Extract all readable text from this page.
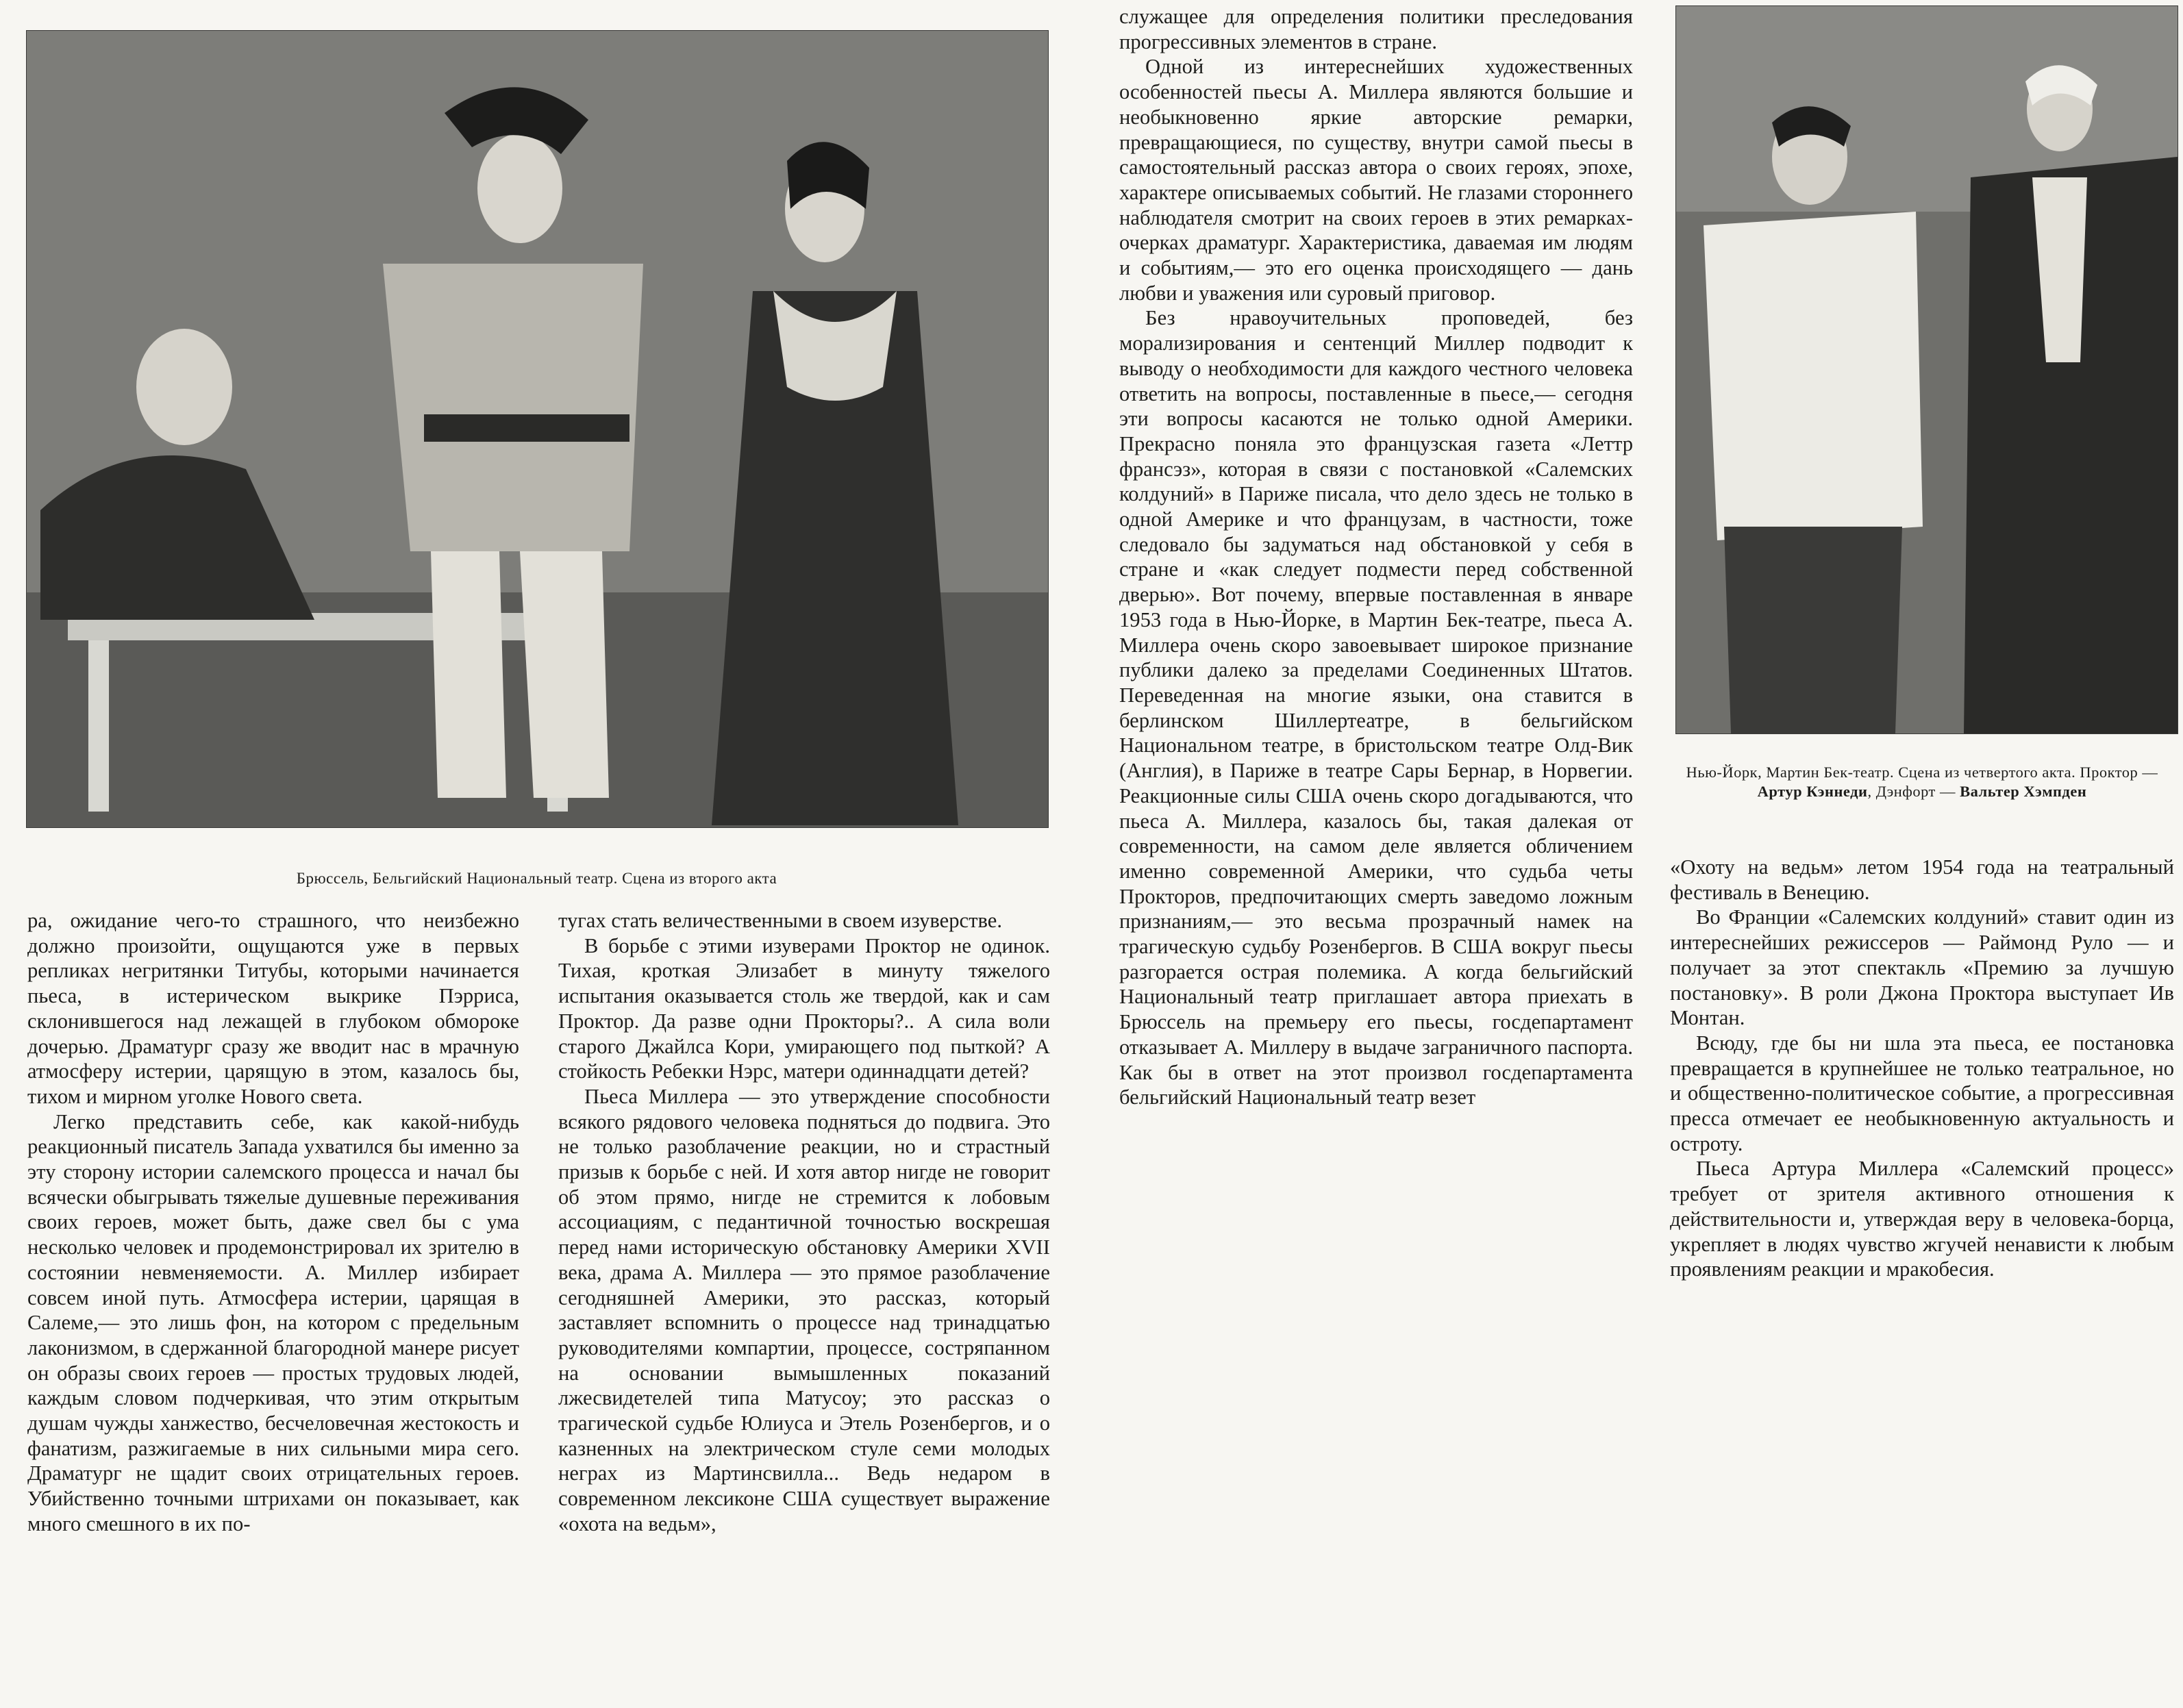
Брюссель, Бельгийский Национальный театр. Сцена из второго акта
Нью-Йорк, Мартин Бек-театр. Сцена из четвертого акта. Проктор — Артур Кэннеди, Дэнфорт — Вальтер Хэмпден

ра, ожидание чего-то страшного, что неизбежно должно произойти, ощущаются уже в первых репликах негритянки Титубы, которыми начинается пьеса, в истерическом выкрике Пэрриса, склонившегося над лежащей в глубоком обмороке дочерью. Драматург сразу же вводит нас в мрачную атмосферу истерии, царящую в этом, казалось бы, тихом и мирном уголке Нового света.

Легко представить себе, как какой-нибудь реакционный писатель Запада ухватился бы именно за эту сторону истории салемского процесса и начал бы всячески обыгрывать тяжелые душевные переживания своих героев, может быть, даже свел бы с ума несколько человек и продемонстрировал их зрителю в состоянии невменяемости. А. Миллер избирает совсем иной путь. Атмосфера истерии, царящая в Салеме,— это лишь фон, на котором с предельным лаконизмом, в сдержанной благородной манере рисует он образы своих героев — простых трудовых людей, каждым словом подчеркивая, что этим открытым душам чужды ханжество, бесчеловечная жестокость и фанатизм, разжигаемые в них сильными мира сего. Драматург не щадит своих отрицательных героев. Убийственно точными штрихами он показывает, как много смешного в их по-

тугах стать величественными в своем изуверстве.

В борьбе с этими изуверами Проктор не одинок. Тихая, кроткая Элизабет в минуту тяжелого испытания оказывается столь же твердой, как и сам Проктор. Да разве одни Прокторы?.. А сила воли старого Джайлса Кори, умирающего под пыткой? А стойкость Ребекки Нэрс, матери одиннадцати детей?

Пьеса Миллера — это утверждение способности всякого рядового человека подняться до подвига. Это не только разоблачение реакции, но и страстный призыв к борьбе с ней. И хотя автор нигде не говорит об этом прямо, нигде не стремится к лобовым ассоциациям, с педантичной точностью воскрешая перед нами историческую обстановку Америки XVII века, драма А. Миллера — это прямое разоблачение сегодняшней Америки, это рассказ, который заставляет вспомнить о процессе над тринадцатью руководителями компартии, процессе, состряпанном на основании вымышленных показаний лжесвидетелей типа Матусоу; это рассказ о трагической судьбе Юлиуса и Этель Розенбергов, и о казненных на электрическом стуле семи молодых неграх из Мартинсвилла... Ведь недаром в современном лексиконе США существует выражение «охота на ведьм»,

служащее для определения политики преследования прогрессивных элементов в стране.

Одной из интереснейших художественных особенностей пьесы А. Миллера являются большие и необыкновенно яркие авторские ремарки, превращающиеся, по существу, внутри самой пьесы в самостоятельный рассказ автора о своих героях, эпохе, характере описываемых событий. Не глазами стороннего наблюдателя смотрит на своих героев в этих ремарках-очерках драматург. Характеристика, даваемая им людям и событиям,— это его оценка происходящего — дань любви и уважения или суровый приговор.

Без нравоучительных проповедей, без морализирования и сентенций Миллер подводит к выводу о необходимости для каждого честного человека ответить на вопросы, поставленные в пьесе,— сегодня эти вопросы касаются не только одной Америки. Прекрасно поняла это французская газета «Леттр франсэз», которая в связи с постановкой «Салемских колдуний» в Париже писала, что дело здесь не только в одной Америке и что французам, в частности, тоже следовало бы задуматься над обстановкой у себя в стране и «как следует подмести перед собственной дверью». Вот почему, впервые поставленная в январе 1953 года в Нью-Йорке, в Мартин Бек-театре, пьеса А. Миллера очень скоро завоевывает широкое признание публики далеко за пределами Соединенных Штатов. Переведенная на многие языки, она ставится в берлинском Шиллертеатре, в бельгийском Национальном театре, в бристольском театре Олд-Вик (Англия), в Париже в театре Сары Бернар, в Норвегии. Реакционные силы США очень скоро догадываются, что пьеса А. Миллера, казалось бы, такая далекая от современности, на самом деле является обличением именно современной Америки, что судьба четы Прокторов, предпочитающих смерть заведомо ложным признаниям,— это весьма прозрачный намек на трагическую судьбу Розенбергов. В США вокруг пьесы разгорается острая полемика. А когда бельгийский Национальный театр приглашает автора приехать в Брюссель на премьеру его пьесы, госдепартамент отказывает А. Миллеру в выдаче заграничного паспорта. Как бы в ответ на этот произвол госдепартамента бельгийский Национальный театр везет

«Охоту на ведьм» летом 1954 года на театральный фестиваль в Венецию.

Во Франции «Салемских колдуний» ставит один из интереснейших режиссеров — Раймонд Руло — и получает за этот спектакль «Премию за лучшую постановку». В роли Джона Проктора выступает Ив Монтан.

Всюду, где бы ни шла эта пьеса, ее постановка превращается в крупнейшее не только театральное, но и общественно-политическое событие, а прогрессивная пресса отмечает ее необыкновенную актуальность и остроту.

Пьеса Артура Миллера «Салемский процесс» требует от зрителя активного отношения к действительности и, утверждая веру в человека-борца, укрепляет в людях чувство жгучей ненависти к любым проявлениям реакции и мракобесия.
